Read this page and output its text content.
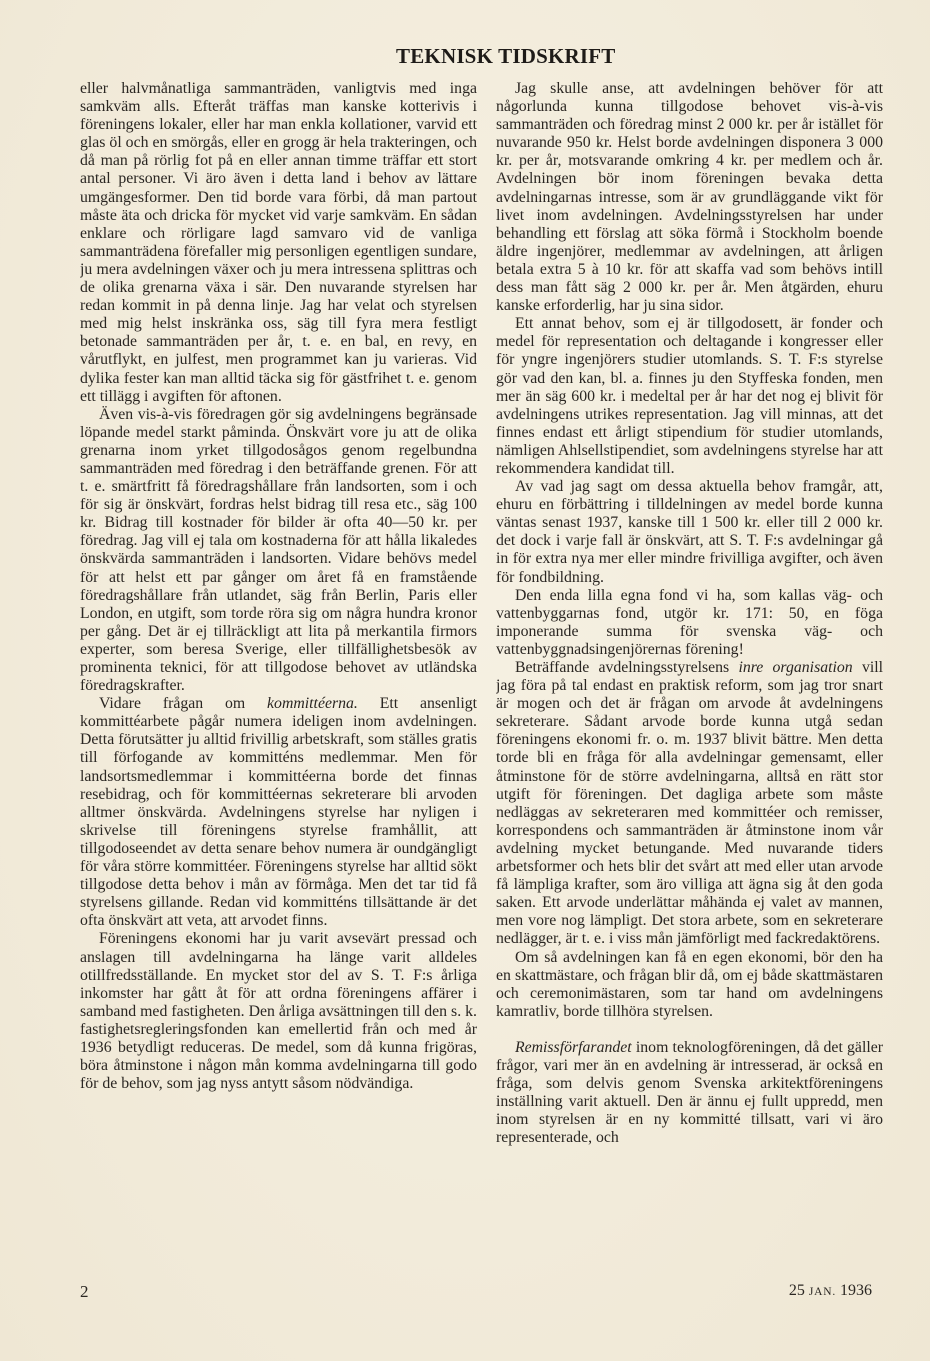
TEKNISK TIDSKRIFT

eller halvmånatliga sammanträden, vanligtvis med inga samkväm alls. Efteråt träffas man kanske kotterivis i föreningens lokaler, eller har man enkla kollationer, varvid ett glas öl och en smörgås, eller en grogg är hela trakteringen, och då man på rörlig fot på en eller annan timme träffar ett stort antal personer. Vi äro även i detta land i behov av lättare umgängesformer. Den tid borde vara förbi, då man partout måste äta och dricka för mycket vid varje samkväm. En sådan enklare och rörligare lagd samvaro vid de vanliga sammanträdena förefaller mig personligen egentligen sundare, ju mera avdelningen växer och ju mera intressena splittras och de olika grenarna växa i sär. Den nuvarande styrelsen har redan kommit in på denna linje. Jag har velat och styrelsen med mig helst inskränka oss, säg till fyra mera festligt betonade sammanträden per år, t. e. en bal, en revy, en vårutflykt, en julfest, men programmet kan ju varieras. Vid dylika fester kan man alltid täcka sig för gästfrihet t. e. genom ett tillägg i avgiften för aftonen.

Även vis-à-vis föredragen gör sig avdelningens begränsade löpande medel starkt påminda. Önskvärt vore ju att de olika grenarna inom yrket tillgodosågos genom regelbundna sammanträden med föredrag i den beträffande grenen. För att t. e. smärtfritt få föredragshållare från landsorten, som i och för sig är önskvärt, fordras helst bidrag till resa etc., säg 100 kr. Bidrag till kostnader för bilder är ofta 40—50 kr. per föredrag. Jag vill ej tala om kostnaderna för att hålla likaledes önskvärda sammanträden i landsorten. Vidare behövs medel för att helst ett par gånger om året få en framstående föredragshållare från utlandet, säg från Berlin, Paris eller London, en utgift, som torde röra sig om några hundra kronor per gång. Det är ej tillräckligt att lita på merkantila firmors experter, som beresa Sverige, eller tillfällighetsbesök av prominenta teknici, för att tillgodose behovet av utländska föredragskrafter.

Vidare frågan om kommittéerna. Ett ansenligt kommittéarbete pågår numera ideligen inom avdelningen. Detta förutsätter ju alltid frivillig arbetskraft, som ställes gratis till förfogande av kommitténs medlemmar. Men för landsortsmedlemmar i kommittéerna borde det finnas resebidrag, och för kommittéernas sekreterare bli arvoden alltmer önskvärda. Avdelningens styrelse har nyligen i skrivelse till föreningens styrelse framhållit, att tillgodoseendet av detta senare behov numera är oundgängligt för våra större kommittéer. Föreningens styrelse har alltid sökt tillgodose detta behov i mån av förmåga. Men det tar tid få styrelsens gillande. Redan vid kommitténs tillsättande är det ofta önskvärt att veta, att arvodet finns.

Föreningens ekonomi har ju varit avsevärt pressad och anslagen till avdelningarna ha länge varit alldeles otillfredsställande. En mycket stor del av S. T. F:s årliga inkomster har gått åt för att ordna föreningens affärer i samband med fastigheten. Den årliga avsättningen till den s. k. fastighetsregleringsfonden kan emellertid från och med år 1936 betydligt reduceras. De medel, som då kunna frigöras, böra åtminstone i någon mån komma avdelningarna till godo för de behov, som jag nyss antytt såsom nödvändiga.

Jag skulle anse, att avdelningen behöver för att någorlunda kunna tillgodose behovet vis-à-vis sammanträden och föredrag minst 2 000 kr. per år istället för nuvarande 950 kr. Helst borde avdelningen disponera 3 000 kr. per år, motsvarande omkring 4 kr. per medlem och år. Avdelningen bör inom föreningen bevaka detta avdelningarnas intresse, som är av grundläggande vikt för livet inom avdelningen. Avdelningsstyrelsen har under behandling ett förslag att söka förmå i Stockholm boende äldre ingenjörer, medlemmar av avdelningen, att årligen betala extra 5 à 10 kr. för att skaffa vad som behövs intill dess man fått säg 2 000 kr. per år. Men åtgärden, ehuru kanske erforderlig, har ju sina sidor.

Ett annat behov, som ej är tillgodosett, är fonder och medel för representation och deltagande i kongresser eller för yngre ingenjörers studier utomlands. S. T. F:s styrelse gör vad den kan, bl. a. finnes ju den Styffeska fonden, men mer än säg 600 kr. i medeltal per år har det nog ej blivit för avdelningens utrikes representation. Jag vill minnas, att det finnes endast ett årligt stipendium för studier utomlands, nämligen Ahlsellstipendiet, som avdelningens styrelse har att rekommendera kandidat till.

Av vad jag sagt om dessa aktuella behov framgår, att, ehuru en förbättring i tilldelningen av medel borde kunna väntas senast 1937, kanske till 1 500 kr. eller till 2 000 kr. det dock i varje fall är önskvärt, att S. T. F:s avdelningar gå in för extra nya mer eller mindre frivilliga avgifter, och även för fondbildning.

Den enda lilla egna fond vi ha, som kallas väg- och vattenbyggarnas fond, utgör kr. 171: 50, en föga imponerande summa för svenska väg- och vattenbyggnadsingenjörernas förening!

Beträffande avdelningsstyrelsens inre organisation vill jag föra på tal endast en praktisk reform, som jag tror snart är mogen och det är frågan om arvode åt avdelningens sekreterare. Sådant arvode borde kunna utgå sedan föreningens ekonomi fr. o. m. 1937 blivit bättre. Men detta torde bli en fråga för alla avdelningar gemensamt, eller åtminstone för de större avdelningarna, alltså en rätt stor utgift för föreningen. Det dagliga arbete som måste nedläggas av sekreteraren med kommittéer och remisser, korrespondens och sammanträden är åtminstone inom vår avdelning mycket betungande. Med nuvarande tiders arbetsformer och hets blir det svårt att med eller utan arvode få lämpliga krafter, som äro villiga att ägna sig åt den goda saken. Ett arvode underlättar måhända ej valet av mannen, men vore nog lämpligt. Det stora arbete, som en sekreterare nedlägger, är t. e. i viss mån jämförligt med fackredaktörens.

Om så avdelningen kan få en egen ekonomi, bör den ha en skattmästare, och frågan blir då, om ej både skattmästaren och ceremonimästaren, som tar hand om avdelningens kamratliv, borde tillhöra styrelsen.

Remissförfarandet inom teknologföreningen, då det gäller frågor, vari mer än en avdelning är intresserad, är också en fråga, som delvis genom Svenska arkitektföreningens inställning varit aktuell. Den är ännu ej fullt uppredd, men inom styrelsen är en ny kommitté tillsatt, vari vi äro representerade, och

2	25 JAN. 1936
